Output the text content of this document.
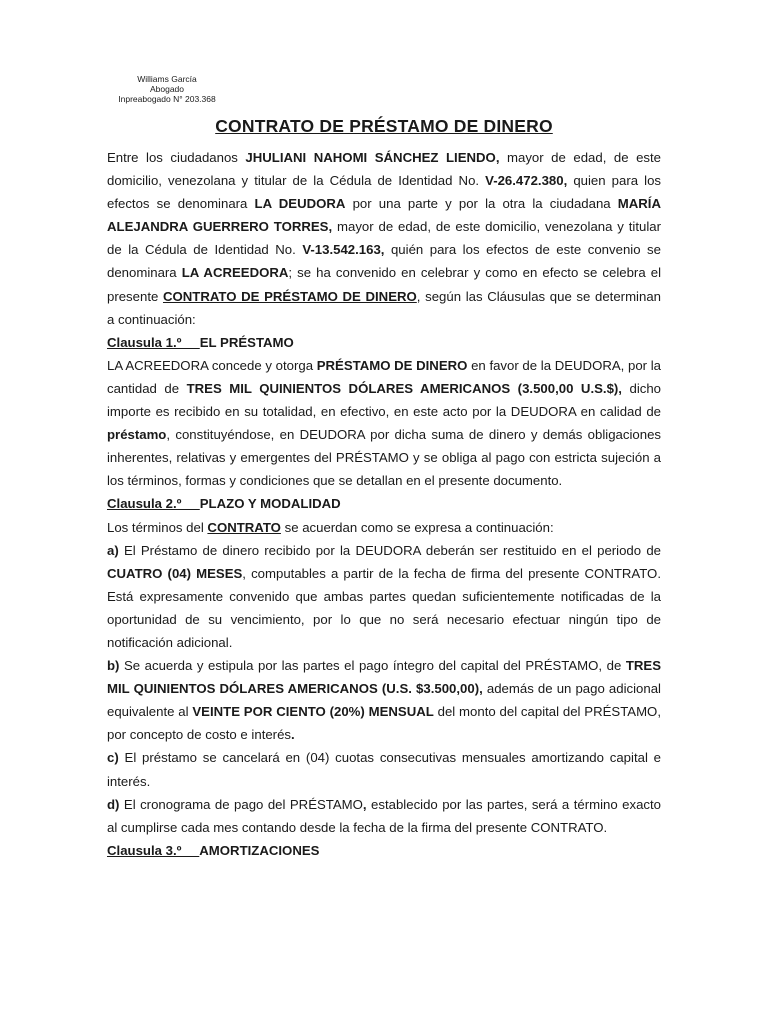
Williams García
Abogado
Inpreabogado N° 203.368
CONTRATO DE PRÉSTAMO DE DINERO

Entre los ciudadanos JHULIANI NAHOMI SÁNCHEZ LIENDO, mayor de edad, de este domicilio, venezolana y titular de la Cédula de Identidad No. V-26.472.380, quien para los efectos se denominara LA DEUDORA por una parte y por la otra la ciudadana MARÍA ALEJANDRA GUERRERO TORRES, mayor de edad, de este domicilio, venezolana y titular de la Cédula de Identidad No. V-13.542.163, quién para los efectos de este convenio se denominara LA ACREEDORA; se ha convenido en celebrar y como en efecto se celebra el presente CONTRATO DE PRÉSTAMO DE DINERO, según las Cláusulas que se determinan a continuación:

Clausula 1.º     EL PRÉSTAMO

LA ACREEDORA concede y otorga PRÉSTAMO DE DINERO en favor de la DEUDORA, por la cantidad de TRES MIL QUINIENTOS DÓLARES AMERICANOS (3.500,00 U.S.$), dicho importe es recibido en su totalidad, en efectivo, en este acto por la DEUDORA en calidad de préstamo, constituyéndose, en DEUDORA por dicha suma de dinero y demás obligaciones inherentes, relativas y emergentes del PRÉSTAMO y se obliga al pago con estricta sujeción a los términos, formas y condiciones que se detallan en el presente documento.

Clausula 2.º     PLAZO Y MODALIDAD

Los términos del CONTRATO se acuerdan como se expresa a continuación:

a) El Préstamo de dinero recibido por la DEUDORA deberán ser restituido en el periodo de CUATRO (04) MESES, computables a partir de la fecha de firma del presente CONTRATO. Está expresamente convenido que ambas partes quedan suficientemente notificadas de la oportunidad de su vencimiento, por lo que no será necesario efectuar ningún tipo de notificación adicional.

b) Se acuerda y estipula por las partes el pago íntegro del capital del PRÉSTAMO, de TRES MIL QUINIENTOS DÓLARES AMERICANOS (U.S. $3.500,00), además de un pago adicional equivalente al VEINTE POR CIENTO (20%) MENSUAL del monto del capital del PRÉSTAMO, por concepto de costo e interés.

c) El préstamo se cancelará en (04) cuotas consecutivas mensuales amortizando capital e interés.

d) El cronograma de pago del PRÉSTAMO, establecido por las partes, será a término exacto al cumplirse cada mes contando desde la fecha de la firma del presente CONTRATO.

Clausula 3.º     AMORTIZACIONES
